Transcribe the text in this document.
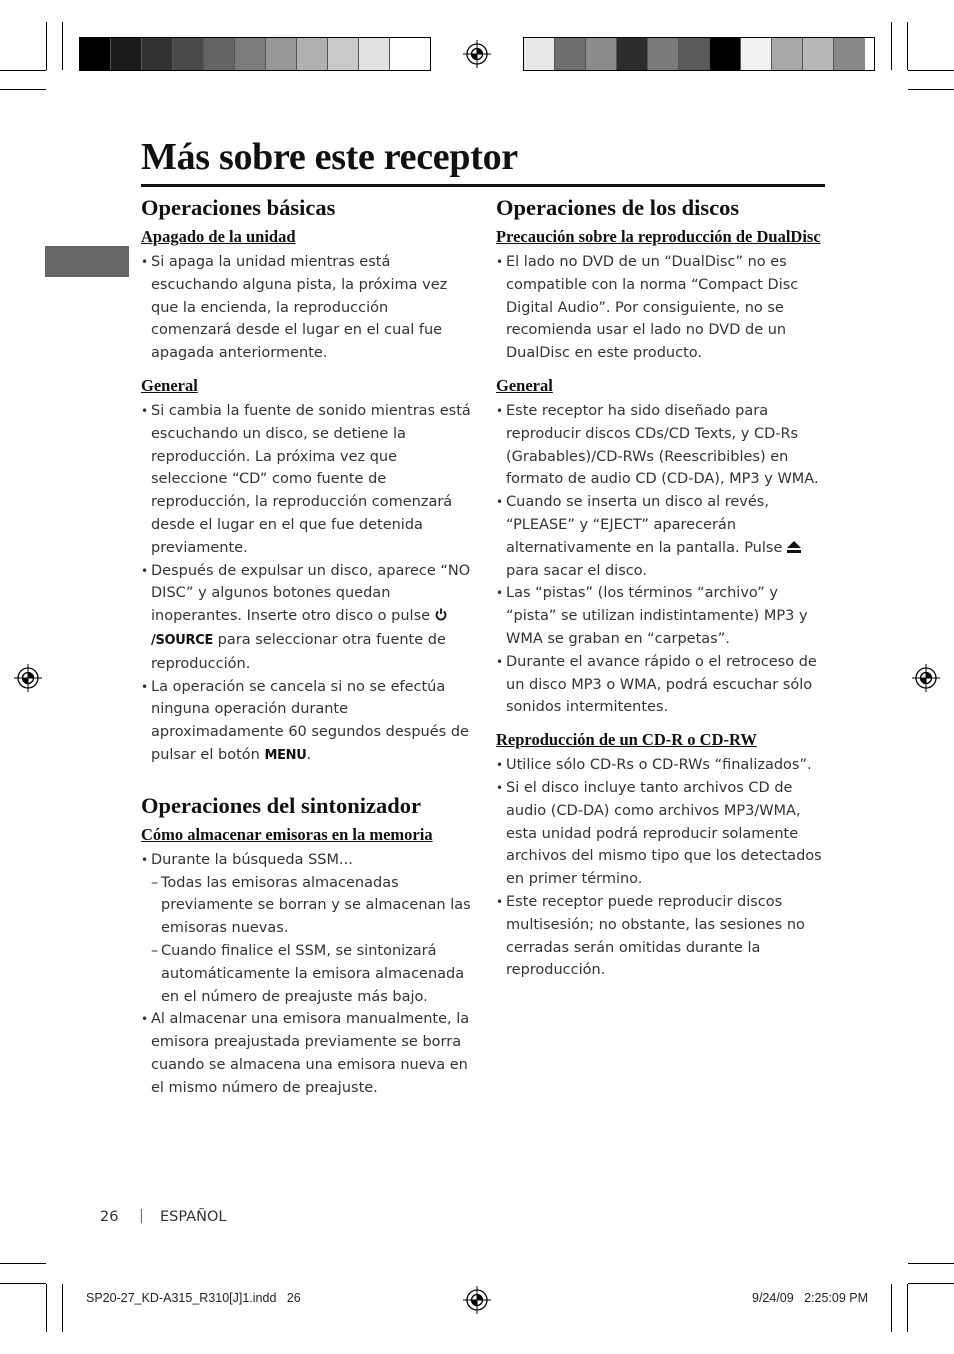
Más sobre este receptor
Operaciones básicas
Apagado de la unidad
• Si apaga la unidad mientras está escuchando alguna pista, la próxima vez que la encienda, la reproducción comenzará desde el lugar en el cual fue apagada anteriormente.
General
• Si cambia la fuente de sonido mientras está escuchando un disco, se detiene la reproducción. La próxima vez que seleccione “CD” como fuente de reproducción, la reproducción comenzará desde el lugar en el que fue detenida previamente.
• Después de expulsar un disco, aparece “NO DISC” y algunos botones quedan inoperantes. Inserte otro disco o pulse /SOURCE para seleccionar otra fuente de reproducción.
• La operación se cancela si no se efectúa ninguna operación durante aproximadamente 60 segundos después de pulsar el botón MENU.
Operaciones del sintonizador
Cómo almacenar emisoras en la memoria
• Durante la búsqueda SSM...
– Todas las emisoras almacenadas previamente se borran y se almacenan las emisoras nuevas.
– Cuando finalice el SSM, se sintonizará automáticamente la emisora almacenada en el número de preajuste más bajo.
• Al almacenar una emisora manualmente, la emisora preajustada previamente se borra cuando se almacena una emisora nueva en el mismo número de preajuste.
Operaciones de los discos
Precaución sobre la reproducción de DualDisc
• El lado no DVD de un “DualDisc” no es compatible con la norma “Compact Disc Digital Audio”. Por consiguiente, no se recomienda usar el lado no DVD de un DualDisc en este producto.
General
• Este receptor ha sido diseñado para reproducir discos CDs/CD Texts, y CD-Rs (Grabables)/CD-RWs (Reescribibles) en formato de audio CD (CD-DA), MP3 y WMA.
• Cuando se inserta un disco al revés, “PLEASE” y “EJECT” aparecerán alternativamente en la pantalla. Pulse  para sacar el disco.
• Las “pistas” (los términos “archivo” y “pista” se utilizan indistintamente) MP3 y WMA se graban en “carpetas”.
• Durante el avance rápido o el retroceso de un disco MP3 o WMA, podrá escuchar sólo sonidos intermitentes.
Reproducción de un CD-R o CD-RW
• Utilice sólo CD-Rs o CD-RWs “finalizados”.
• Si el disco incluye tanto archivos CD de audio (CD-DA) como archivos MP3/WMA, esta unidad podrá reproducir solamente archivos del mismo tipo que los detectados en primer término.
• Este receptor puede reproducir discos multisesión; no obstante, las sesiones no cerradas serán omitidas durante la reproducción.
26 | ESPAÑOL
SP20-27_KD-A315_R310[J]1.indd   26	9/24/09   2:25:09 PM
